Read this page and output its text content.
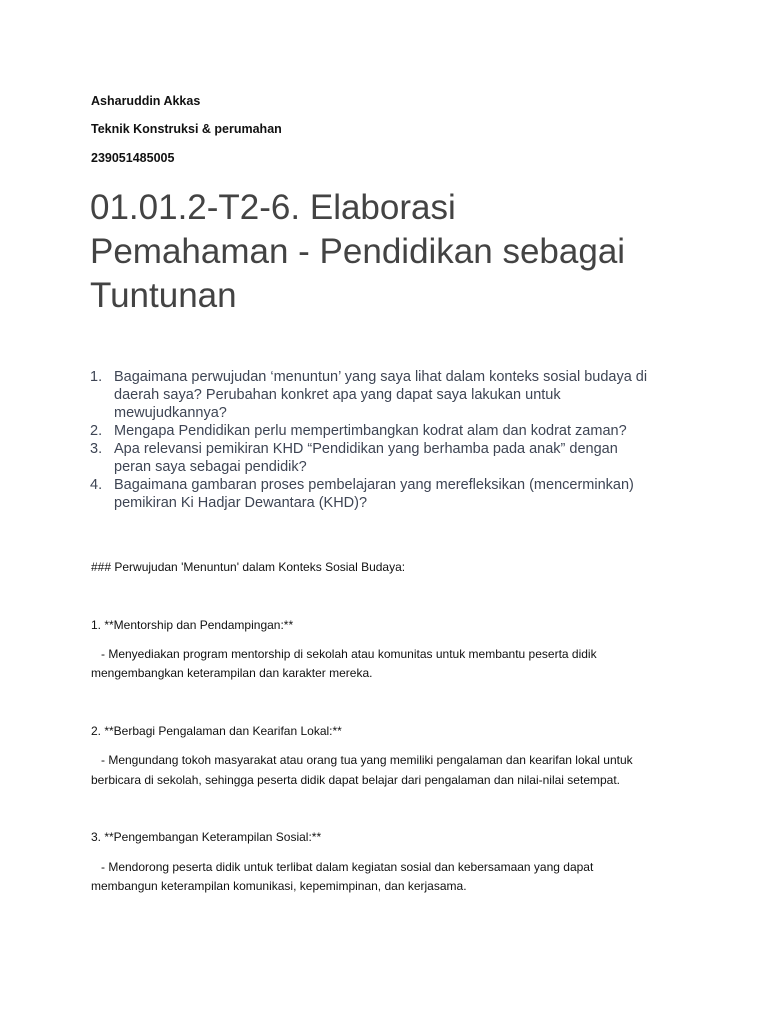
Asharuddin Akkas
Teknik Konstruksi & perumahan
239051485005
01.01.2-T2-6. Elaborasi
Pemahaman - Pendidikan sebagai
Tuntunan
1. Bagaimana perwujudan ‘menuntun’ yang saya lihat dalam konteks sosial budaya di
daerah saya? Perubahan konkret apa yang dapat saya lakukan untuk
mewujudkannya?
2. Mengapa Pendidikan perlu mempertimbangkan kodrat alam dan kodrat zaman?
3. Apa relevansi pemikiran KHD “Pendidikan yang berhamba pada anak” dengan
peran saya sebagai pendidik?
4. Bagaimana gambaran proses pembelajaran yang merefleksikan (mencerminkan)
pemikiran Ki Hadjar Dewantara (KHD)?
### Perwujudan 'Menuntun' dalam Konteks Sosial Budaya:
1. **Mentorship dan Pendampingan:**
- Menyediakan program mentorship di sekolah atau komunitas untuk membantu peserta didik
mengembangkan keterampilan dan karakter mereka.
2. **Berbagi Pengalaman dan Kearifan Lokal:**
- Mengundang tokoh masyarakat atau orang tua yang memiliki pengalaman dan kearifan lokal untuk
berbicara di sekolah, sehingga peserta didik dapat belajar dari pengalaman dan nilai-nilai setempat.
3. **Pengembangan Keterampilan Sosial:**
- Mendorong peserta didik untuk terlibat dalam kegiatan sosial dan kebersamaan yang dapat
membangun keterampilan komunikasi, kepemimpinan, dan kerjasama.
